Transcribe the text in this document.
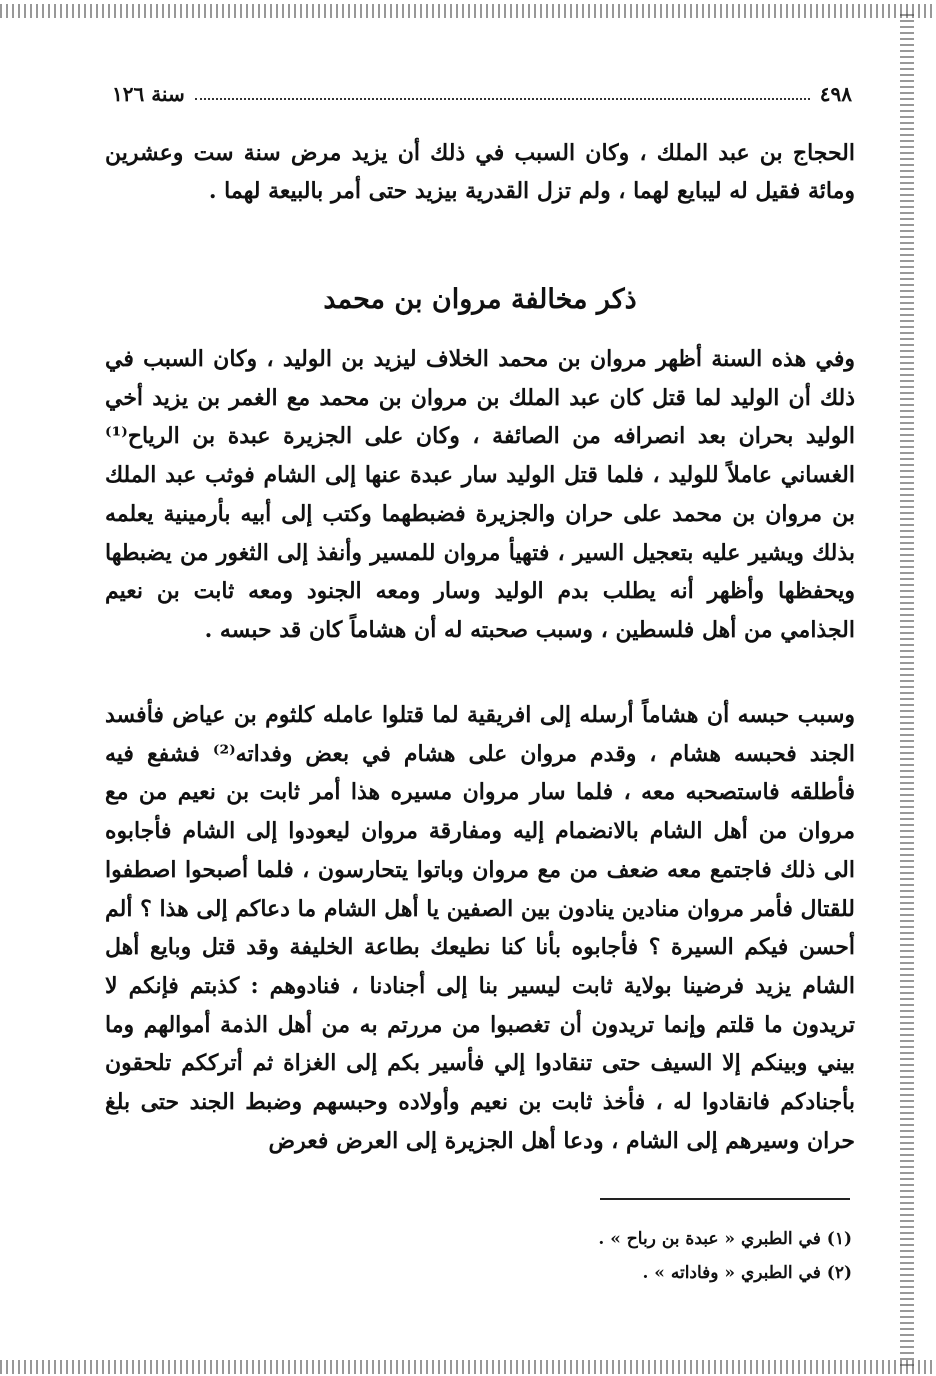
٤٩٨
سنة ١٢٦
الحجاج بن عبد الملك ، وكان السبب في ذلك أن يزيد مرض سنة ست وعشرين ومائة فقيل له ليبايع لهما ، ولم تزل القدرية بيزيد حتى أمر بالبيعة لهما .
ذكر مخالفة مروان بن محمد
وفي هذه السنة أظهر مروان بن محمد الخلاف ليزيد بن الوليد ، وكان السبب في ذلك أن الوليد لما قتل كان عبد الملك بن مروان بن محمد مع الغمر بن يزيد أخي الوليد بحران بعد انصرافه من الصائفة ، وكان على الجزيرة عبدة بن الرياح⁽¹⁾ الغساني عاملاً للوليد ، فلما قتل الوليد سار عبدة عنها إلى الشام فوثب عبد الملك بن مروان بن محمد على حران والجزيرة فضبطهما وكتب إلى أبيه بأرمينية يعلمه بذلك ويشير عليه بتعجيل السير ، فتهيأ مروان للمسير وأنفذ إلى الثغور من يضبطها ويحفظها وأظهر أنه يطلب بدم الوليد وسار ومعه الجنود ومعه ثابت بن نعيم الجذامي من أهل فلسطين ، وسبب صحبته له أن هشاماً كان قد حبسه .
وسبب حبسه أن هشاماً أرسله إلى افريقية لما قتلوا عامله كلثوم بن عياض فأفسد الجند فحبسه هشام ، وقدم مروان على هشام في بعض وفداته⁽²⁾ فشفع فيه فأطلقه فاستصحبه معه ، فلما سار مروان مسيره هذا أمر ثابت بن نعيم من مع مروان من أهل الشام بالانضمام إليه ومفارقة مروان ليعودوا إلى الشام فأجابوه الى ذلك فاجتمع معه ضعف من مع مروان وباتوا يتحارسون ، فلما أصبحوا اصطفوا للقتال فأمر مروان منادين ينادون بين الصفين يا أهل الشام ما دعاكم إلى هذا ؟ ألم أحسن فيكم السيرة ؟ فأجابوه بأنا كنا نطيعك بطاعة الخليفة وقد قتل وبايع أهل الشام يزيد فرضينا بولاية ثابت ليسير بنا إلى أجنادنا ، فنادوهم : كذبتم فإنكم لا تريدون ما قلتم وإنما تريدون أن تغصبوا من مررتم به من أهل الذمة أموالهم وما بيني وبينكم إلا السيف حتى تنقادوا إلي فأسير بكم إلى الغزاة ثم أترككم تلحقون بأجنادكم فانقادوا له ، فأخذ ثابت بن نعيم وأولاده وحبسهم وضبط الجند حتى بلغ حران وسيرهم إلى الشام ، ودعا أهل الجزيرة إلى العرض فعرض
(١) في الطبري « عبدة بن رباح » .
(٢) في الطبري « وفاداته » .
